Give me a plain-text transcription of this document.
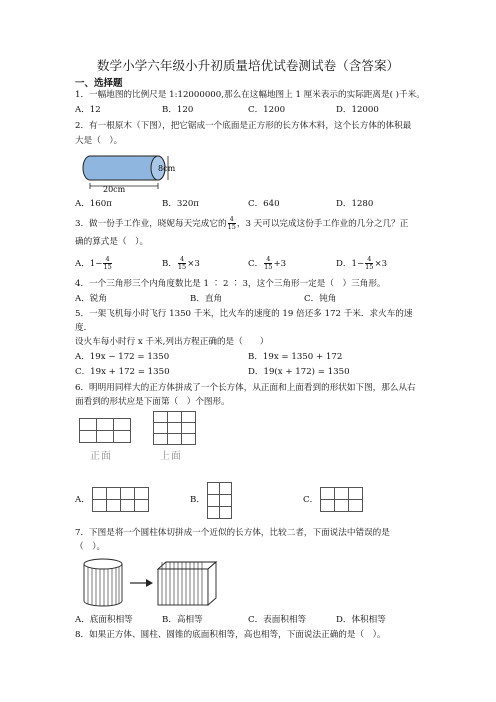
数学小学六年级小升初质量培优试卷测试卷（含答案）
一、选择题
1．一幅地图的比例尺是 1:12000000,那么在这幅地图上 1 厘米表示的实际距离是( )千米。
A．12	B．120	C．1200	D．12000
2．有一根原木（下图），把它锯成一个底面是正方形的长方体木料，这个长方体的体积最
大是（　）。
8cm
20cm
A．160π	B．320π	C．640	D．1280
3．做一份手工作业，晓妮每天完成它的 $\frac{4}{15}$ ，3 天可以完成这份手工作业的几分之几？正
确的算式是（　）。
A．$1- \frac{4}{15}$	B． $\frac{4}{15} \times 3$	C． $\frac{4}{15} +3$	D．$1- \frac{4}{15} \times 3$
4．一个三角形三个内角度数比是 1 ∶ 2 ∶ 3，这个三角形一定是（　）三角形。
A．锐角	B．直角	C．钝角
5．一架飞机每小时飞行 1350 千米，比火车的速度的 19 倍还多 172 千米．求火车的速
度．
设火车每小时行 x 千米,列出方程正确的是（　　）
A．19x − 172 = 1350	B．19x = 1350 + 172
C．19x + 172 = 1350	D．19(x + 172) = 1350
6．明明用同样大的正方体拼成了一个长方体，从正面和上面看到的形状如下图，那么从右
面看到的形状应是下面第（　）个图形。

正面

			上面
A．

				B．

		C．

7．下图是将一个圆柱体切拼成一个近似的长方体，比较二者，下面说法中错误的是
（　）。
A．底面积相等	B．高相等	C．表面积相等	D．体积相等
8．如果正方体、圆柱、圆锥的底面积相等，高也相等，下面说法正确的是（　）。
